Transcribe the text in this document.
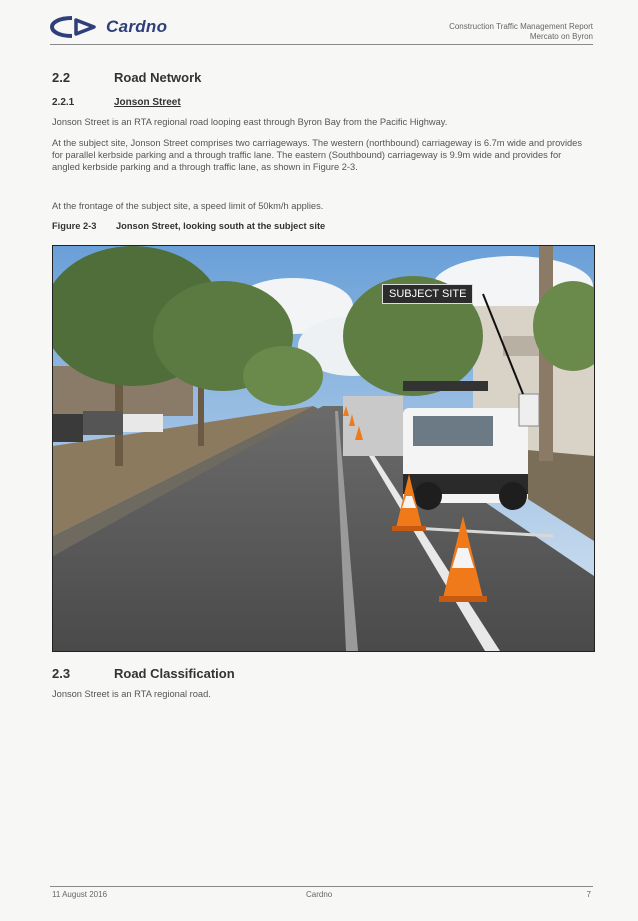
Cardno	Construction Traffic Management Report
Mercato on Byron
2.2	Road Network
2.2.1	Jonson Street
Jonson Street is an RTA regional road looping east through Byron Bay from the Pacific Highway.
At the subject site, Jonson Street comprises two carriageways. The western (northbound) carriageway is 6.7m wide and provides for parallel kerbside parking and a through traffic lane. The eastern (Southbound) carriageway is 9.9m wide and provides for angled kerbside parking and a through traffic lane, as shown in Figure 2-3.
At the frontage of the subject site, a speed limit of 50km/h applies.
Figure 2-3 Jonson Street, looking south at the subject site
SUBJECT SITE
2.3	Road Classification
Jonson Street is an RTA regional road.
11 August 2016	Cardno	7
